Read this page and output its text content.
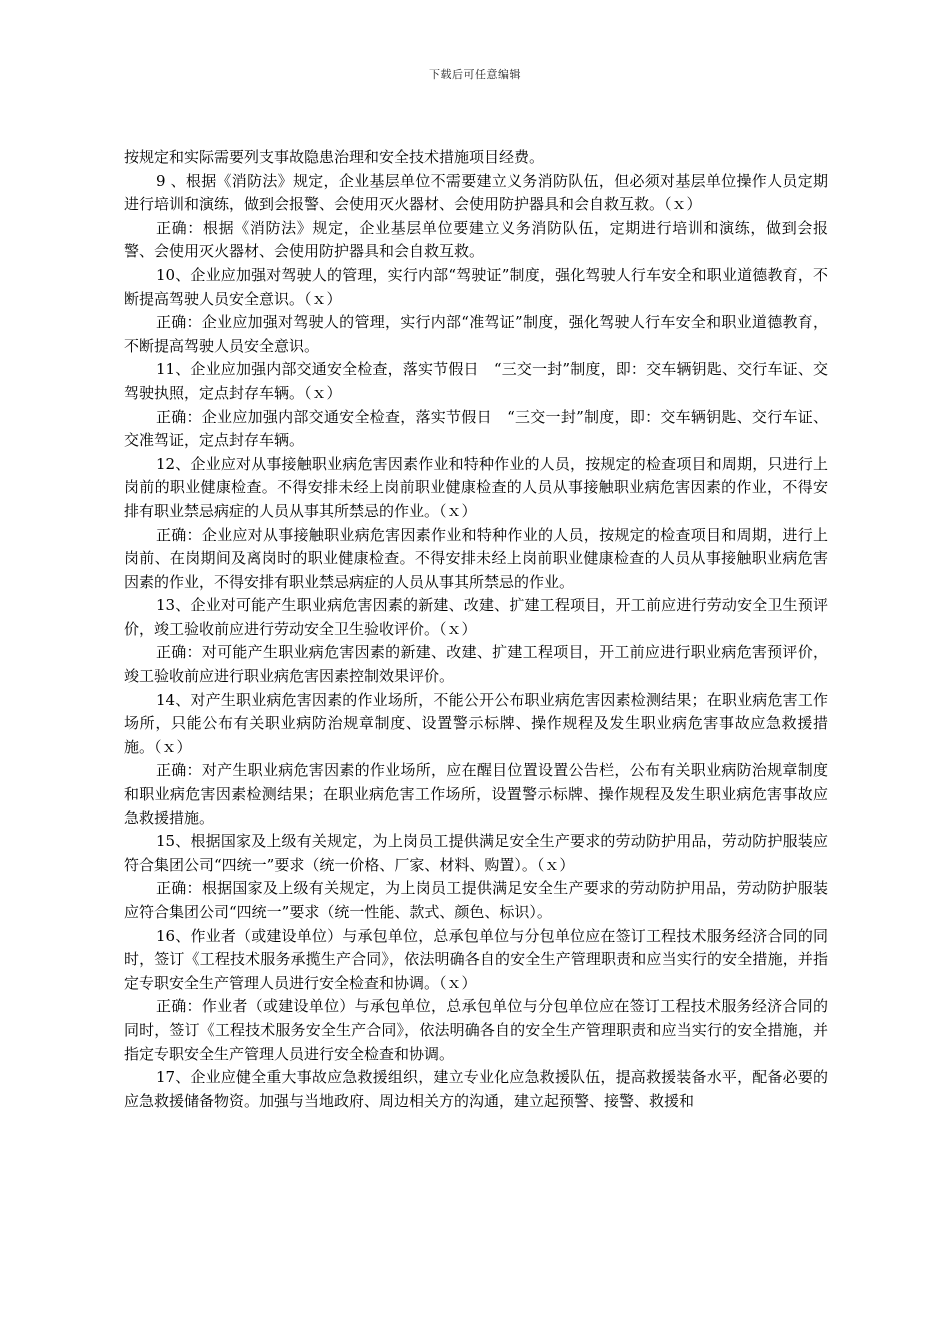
下载后可任意编辑

按规定和实际需要列支事故隐患治理和安全技术措施项目经费。

9 、根据《消防法》规定，企业基层单位不需要建立义务消防队伍，但必须对基层单位操作人员定期进行培训和演练，做到会报警、会使用灭火器材、会使用防护器具和会自救互救。（ｘ）

正确：根据《消防法》规定，企业基层单位要建立义务消防队伍，定期进行培训和演练，做到会报警、会使用灭火器材、会使用防护器具和会自救互救。

10、企业应加强对驾驶人的管理，实行内部“驾驶证”制度，强化驾驶人行车安全和职业道德教育，不断提高驾驶人员安全意识。（ｘ）

正确：企业应加强对驾驶人的管理，实行内部“准驾证”制度，强化驾驶人行车安全和职业道德教育，不断提高驾驶人员安全意识。

11、企业应加强内部交通安全检查，落实节假日　“三交一封”制度，即：交车辆钥匙、交行车证、交驾驶执照，定点封存车辆。（ｘ）

正确：企业应加强内部交通安全检查，落实节假日　“三交一封”制度，即：交车辆钥匙、交行车证、交准驾证，定点封存车辆。

12、企业应对从事接触职业病危害因素作业和特种作业的人员，按规定的检查项目和周期，只进行上岗前的职业健康检查。不得安排未经上岗前职业健康检查的人员从事接触职业病危害因素的作业，不得安排有职业禁忌病症的人员从事其所禁忌的作业。（ｘ）

正确：企业应对从事接触职业病危害因素作业和特种作业的人员，按规定的检查项目和周期，进行上岗前、在岗期间及离岗时的职业健康检查。不得安排未经上岗前职业健康检查的人员从事接触职业病危害因素的作业，不得安排有职业禁忌病症的人员从事其所禁忌的作业。

13、企业对可能产生职业病危害因素的新建、改建、扩建工程项目，开工前应进行劳动安全卫生预评价，竣工验收前应进行劳动安全卫生验收评价。（ｘ）

正确：对可能产生职业病危害因素的新建、改建、扩建工程项目，开工前应进行职业病危害预评价，竣工验收前应进行职业病危害因素控制效果评价。

14、对产生职业病危害因素的作业场所，不能公开公布职业病危害因素检测结果；在职业病危害工作场所，只能公布有关职业病防治规章制度、设置警示标牌、操作规程及发生职业病危害事故应急救援措施。（ｘ）

正确：对产生职业病危害因素的作业场所，应在醒目位置设置公告栏，公布有关职业病防治规章制度和职业病危害因素检测结果；在职业病危害工作场所，设置警示标牌、操作规程及发生职业病危害事故应急救援措施。

15、根据国家及上级有关规定，为上岗员工提供满足安全生产要求的劳动防护用品，劳动防护服装应符合集团公司“四统一”要求（统一价格、厂家、材料、购置）。（ｘ）

正确：根据国家及上级有关规定，为上岗员工提供满足安全生产要求的劳动防护用品，劳动防护服装应符合集团公司“四统一”要求（统一性能、款式、颜色、标识）。

16、作业者（或建设单位）与承包单位，总承包单位与分包单位应在签订工程技术服务经济合同的同时，签订《工程技术服务承揽生产合同》，依法明确各自的安全生产管理职责和应当实行的安全措施，并指定专职安全生产管理人员进行安全检查和协调。（ｘ）

正确：作业者（或建设单位）与承包单位，总承包单位与分包单位应在签订工程技术服务经济合同的同时，签订《工程技术服务安全生产合同》，依法明确各自的安全生产管理职责和应当实行的安全措施，并指定专职安全生产管理人员进行安全检查和协调。

17、企业应健全重大事故应急救援组织，建立专业化应急救援队伍，提高救援装备水平，配备必要的应急救援储备物资。加强与当地政府、周边相关方的沟通，建立起预警、接警、救援和
